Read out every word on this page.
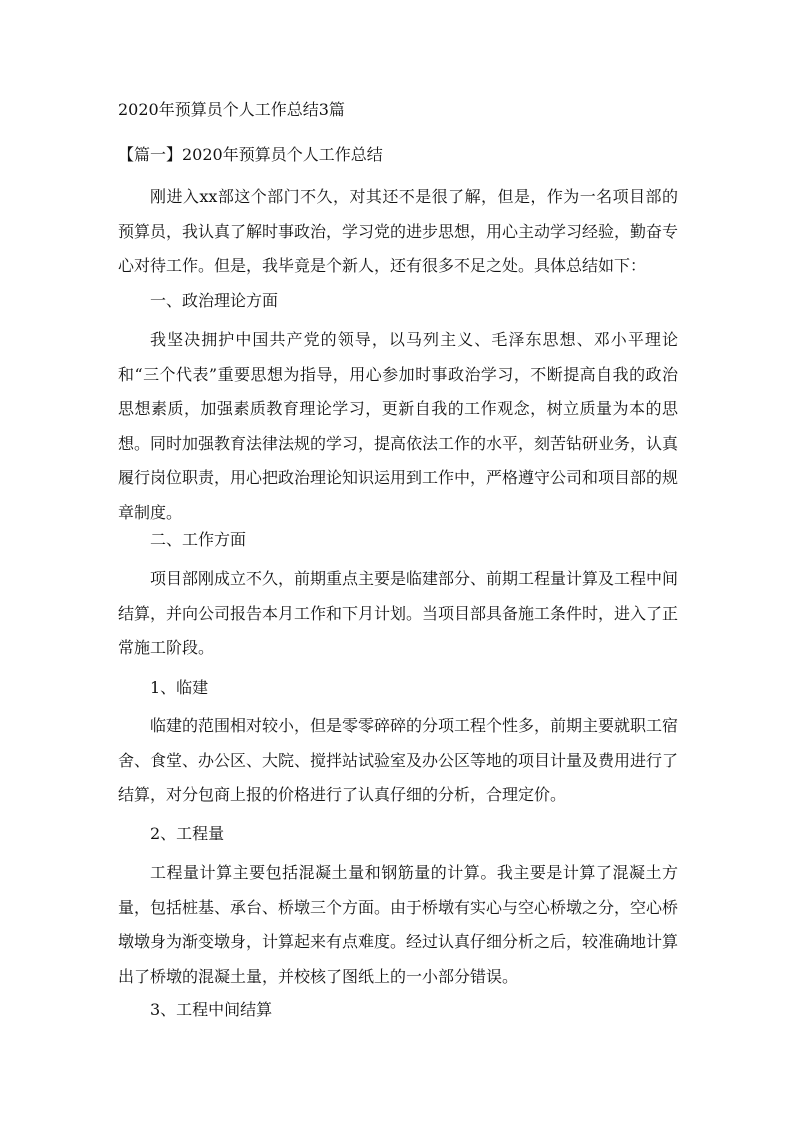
2020年预算员个人工作总结3篇
【篇一】2020年预算员个人工作总结

刚进入xx部这个部门不久，对其还不是很了解，但是，作为一名项目部的预算员，我认真了解时事政治，学习党的进步思想，用心主动学习经验，勤奋专心对待工作。但是，我毕竟是个新人，还有很多不足之处。具体总结如下：

一、政治理论方面

我坚决拥护中国共产党的领导，以马列主义、毛泽东思想、邓小平理论和“三个代表”重要思想为指导，用心参加时事政治学习，不断提高自我的政治思想素质，加强素质教育理论学习，更新自我的工作观念，树立质量为本的思想。同时加强教育法律法规的学习，提高依法工作的水平，刻苦钻研业务，认真履行岗位职责，用心把政治理论知识运用到工作中，严格遵守公司和项目部的规章制度。

二、工作方面

项目部刚成立不久，前期重点主要是临建部分、前期工程量计算及工程中间结算，并向公司报告本月工作和下月计划。当项目部具备施工条件时，进入了正常施工阶段。

1、临建

临建的范围相对较小，但是零零碎碎的分项工程个性多，前期主要就职工宿舍、食堂、办公区、大院、搅拌站试验室及办公区等地的项目计量及费用进行了结算，对分包商上报的价格进行了认真仔细的分析，合理定价。

2、工程量

工程量计算主要包括混凝土量和钢筋量的计算。我主要是计算了混凝土方量，包括桩基、承台、桥墩三个方面。由于桥墩有实心与空心桥墩之分，空心桥墩墩身为渐变墩身，计算起来有点难度。经过认真仔细分析之后，较准确地计算出了桥墩的混凝土量，并校核了图纸上的一小部分错误。

3、工程中间结算
